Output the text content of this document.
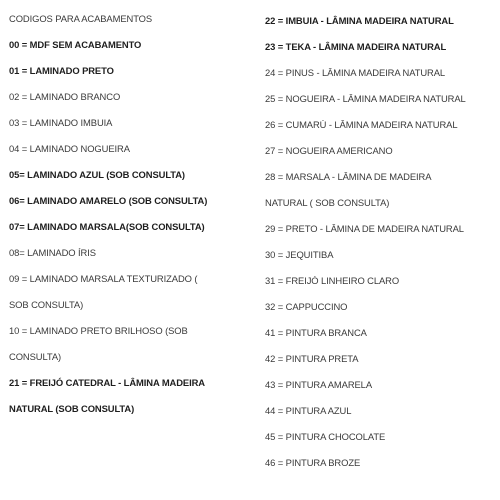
CODIGOS PARA ACABAMENTOS
00 = MDF SEM ACABAMENTO
01 = LAMINADO PRETO
02 = LAMINADO BRANCO
03 = LAMINADO IMBUIA
04 = LAMINADO NOGUEIRA
05= LAMINADO AZUL (SOB CONSULTA)
06= LAMINADO AMARELO (SOB CONSULTA)
07= LAMINADO MARSALA(SOB CONSULTA)
08= LAMINADO ÍRIS
09 = LAMINADO MARSALA TEXTURIZADO (
SOB CONSULTA)
10 = LAMINADO PRETO BRILHOSO (SOB
CONSULTA)
21 = FREIJÓ CATEDRAL - LÂMINA MADEIRA
NATURAL (SOB CONSULTA)
22 = IMBUIA - LÂMINA MADEIRA NATURAL
23 = TEKA - LÂMINA MADEIRA NATURAL
24 = PINUS - LÂMINA MADEIRA NATURAL
25 = NOGUEIRA - LÂMINA MADEIRA NATURAL
26 = CUMARÚ - LÂMINA MADEIRA NATURAL
27 = NOGUEIRA AMERICANO
28 = MARSALA - LÂMINA DE MADEIRA
NATURAL ( SOB CONSULTA)
29 = PRETO - LÂMINA DE MADEIRA NATURAL
30 = JEQUITIBA
31 = FREIJÓ LINHEIRO CLARO
32 = CAPPUCCINO
41 = PINTURA BRANCA
42 = PINTURA PRETA
43 = PINTURA AMARELA
44 = PINTURA AZUL
45 = PINTURA CHOCOLATE
46 = PINTURA BROZE
